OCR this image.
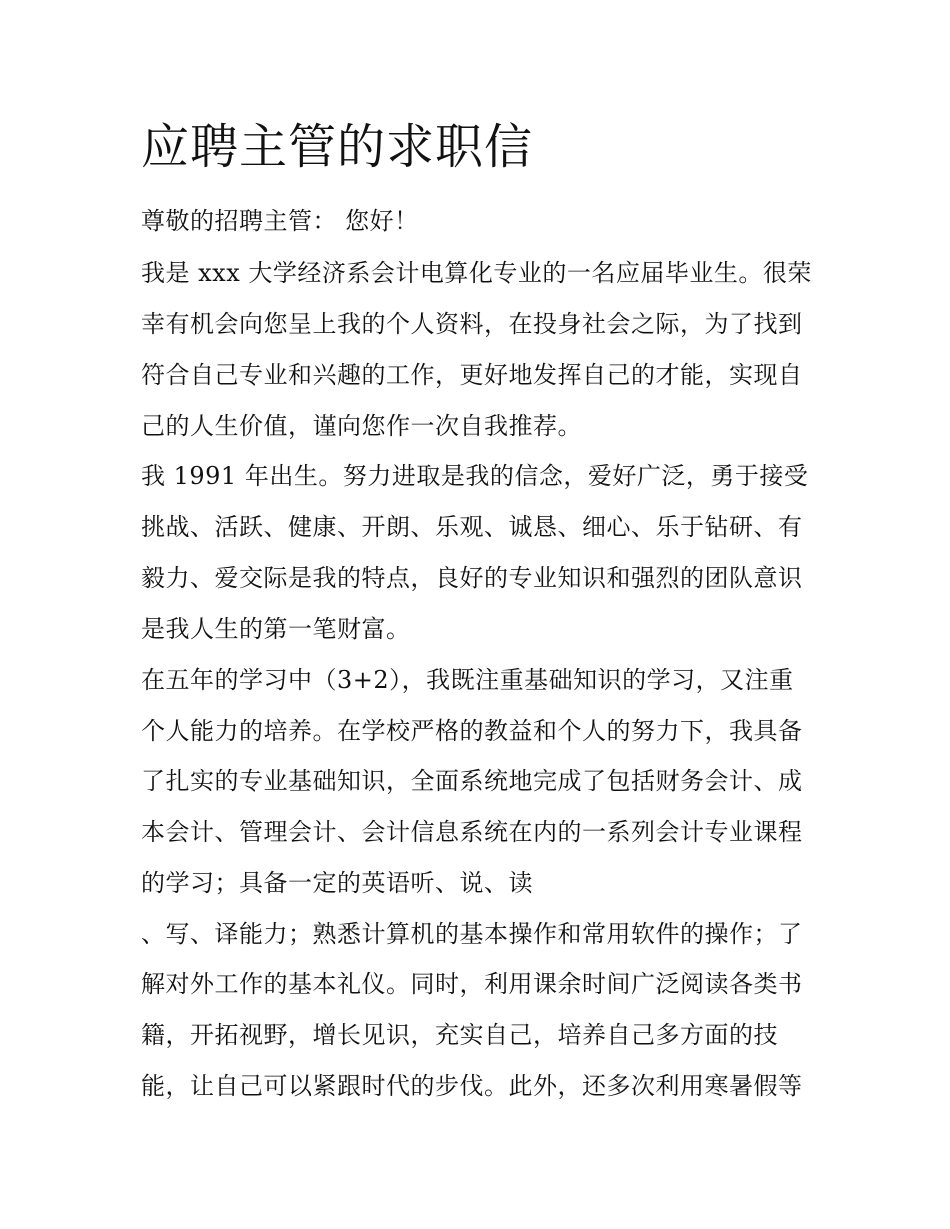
应聘主管的求职信
尊敬的招聘主管： 您好！
我是 xxx 大学经济系会计电算化专业的一名应届毕业生。很荣
幸有机会向您呈上我的个人资料，在投身社会之际，为了找到
符合自己专业和兴趣的工作，更好地发挥自己的才能，实现自
己的人生价值，谨向您作一次自我推荐。
我 1991 年出生。努力进取是我的信念，爱好广泛，勇于接受
挑战、活跃、健康、开朗、乐观、诚恳、细心、乐于钻研、有
毅力、爱交际是我的特点，良好的专业知识和强烈的团队意识
是我人生的第一笔财富。
在五年的学习中（3+2），我既注重基础知识的学习，又注重
个人能力的培养。在学校严格的教益和个人的努力下，我具备
了扎实的专业基础知识，全面系统地完成了包括财务会计、成
本会计、管理会计、会计信息系统在内的一系列会计专业课程
的学习；具备一定的英语听、说、读
、写、译能力；熟悉计算机的基本操作和常用软件的操作；了
解对外工作的基本礼仪。同时，利用课余时间广泛阅读各类书
籍，开拓视野，增长见识，充实自己，培养自己多方面的技
能，让自己可以紧跟时代的步伐。此外，还多次利用寒暑假等
